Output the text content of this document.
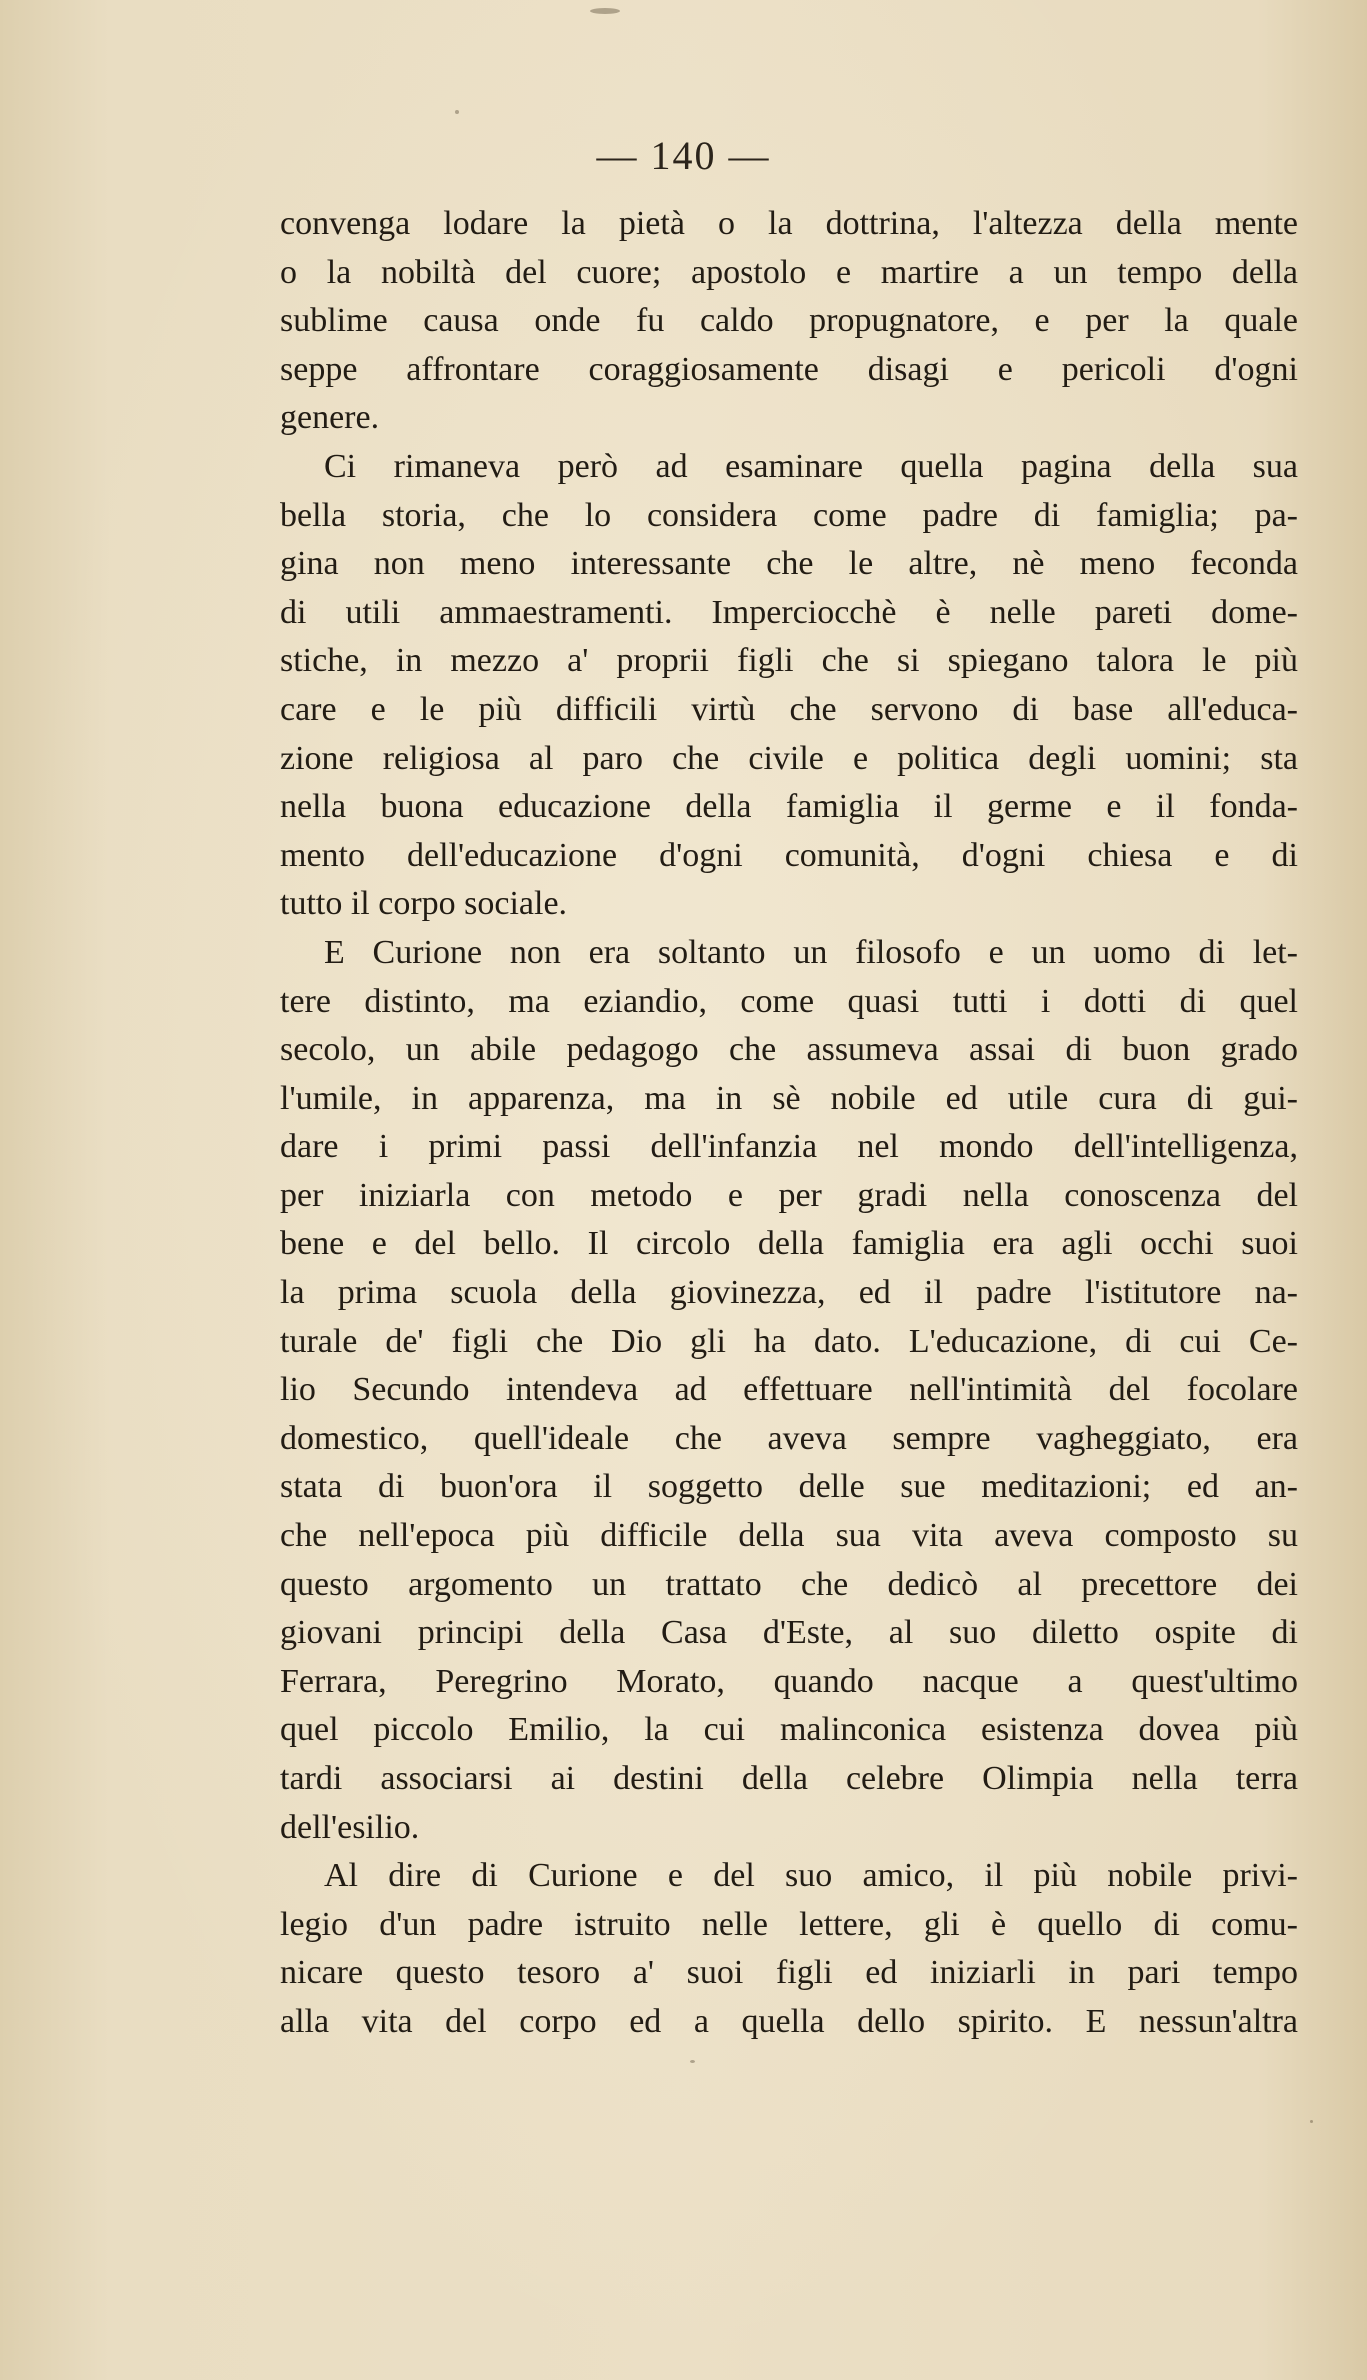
— 140 —
convenga lodare la pietà o la dottrina, l'altezza della mente
o la nobiltà del cuore; apostolo e martire a un tempo della
sublime causa onde fu caldo propugnatore, e per la quale
seppe affrontare coraggiosamente disagi e pericoli d'ogni
genere.
Ci rimaneva però ad esaminare quella pagina della sua
bella storia, che lo considera come padre di famiglia; pa-
gina non meno interessante che le altre, nè meno feconda
di utili ammaestramenti. Imperciocchè è nelle pareti dome-
stiche, in mezzo a' proprii figli che si spiegano talora le più
care e le più difficili virtù che servono di base all'educa-
zione religiosa al paro che civile e politica degli uomini; sta
nella buona educazione della famiglia il germe e il fonda-
mento dell'educazione d'ogni comunità, d'ogni chiesa e di
tutto il corpo sociale.
E Curione non era soltanto un filosofo e un uomo di let-
tere distinto, ma eziandio, come quasi tutti i dotti di quel
secolo, un abile pedagogo che assumeva assai di buon grado
l'umile, in apparenza, ma in sè nobile ed utile cura di gui-
dare i primi passi dell'infanzia nel mondo dell'intelligenza,
per iniziarla con metodo e per gradi nella conoscenza del
bene e del bello. Il circolo della famiglia era agli occhi suoi
la prima scuola della giovinezza, ed il padre l'istitutore na-
turale de' figli che Dio gli ha dato. L'educazione, di cui Ce-
lio Secundo intendeva ad effettuare nell'intimità del focolare
domestico, quell'ideale che aveva sempre vagheggiato, era
stata di buon'ora il soggetto delle sue meditazioni; ed an-
che nell'epoca più difficile della sua vita aveva composto su
questo argomento un trattato che dedicò al precettore dei
giovani principi della Casa d'Este, al suo diletto ospite di
Ferrara, Peregrino Morato, quando nacque a quest'ultimo
quel piccolo Emilio, la cui malinconica esistenza dovea più
tardi associarsi ai destini della celebre Olimpia nella terra
dell'esilio.
Al dire di Curione e del suo amico, il più nobile privi-
legio d'un padre istruito nelle lettere, gli è quello di comu-
nicare questo tesoro a' suoi figli ed iniziarli in pari tempo
alla vita del corpo ed a quella dello spirito. E nessun'altra
